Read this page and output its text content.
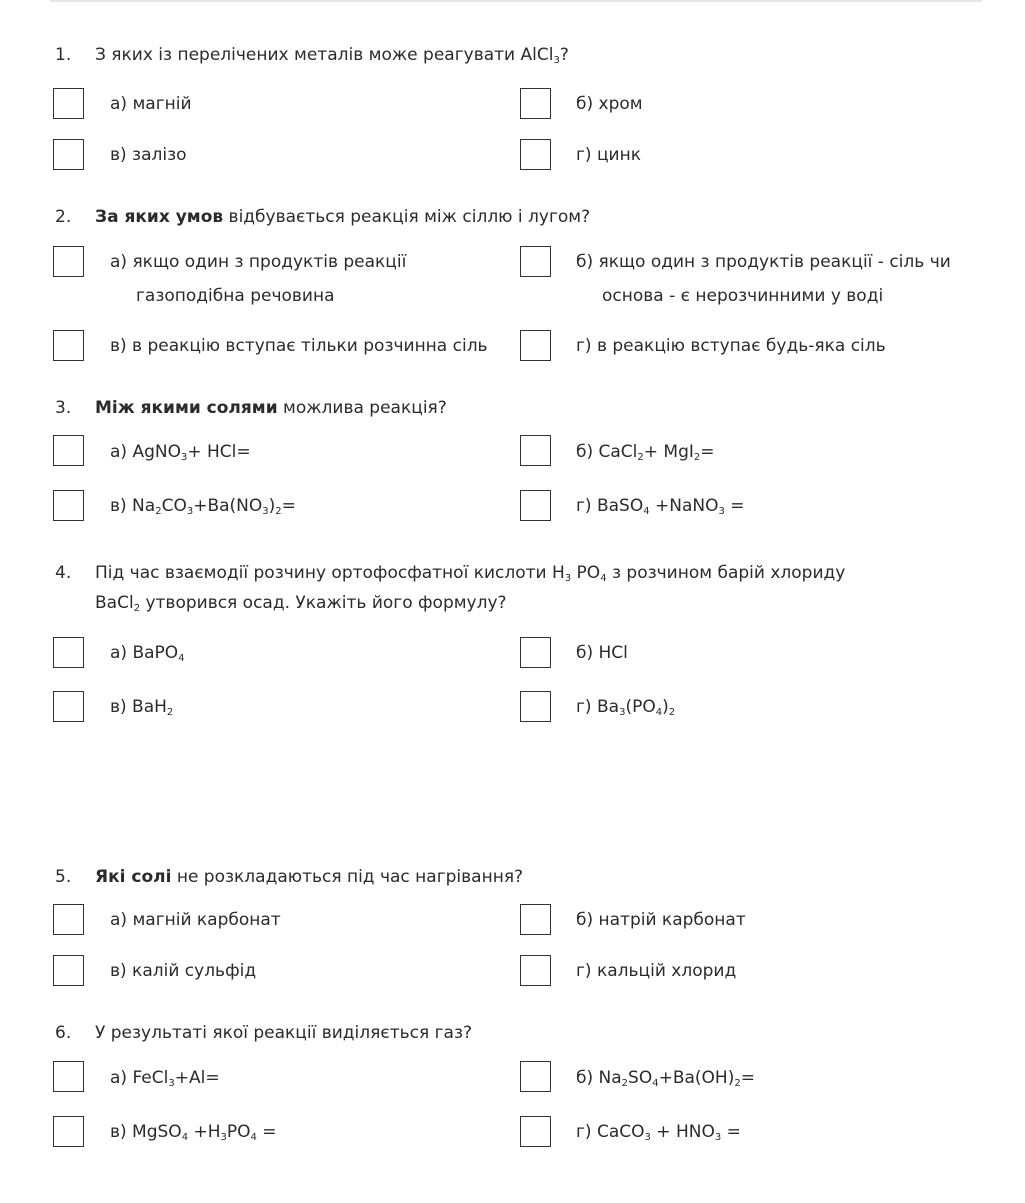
1. З яких із перелічених металів може реагувати AlCl$_3$?
а) магній	б) хром
в) залізо	г) цинк
2. За яких умов відбувається реакція між сіллю і лугом?
а) якщо один з продуктів реакції
газоподібна речовина
б) якщо один з продуктів реакції - сіль чи
основа - є нерозчинними у воді
в) в реакцію вступає тільки розчинна сіль	г) в реакцію вступає будь-яка сіль
3. Між якими солями можлива реакція?
а) AgNO$_3$+ HCl=	б) CaCl$_2$+ MgI$_2$=
в) $Na_2CO_3+Ba(NO_3)_2=$	г) BaSO$_4$ +NaNO$_3$ =
4. Під час взаємодії розчину ортофосфатної кислоти $H_3$ $PO_4$ з розчином барій хлориду
BaCl$_2$ утворився осад. Укажіть його формулу?
а) BaPO$_4$	б) HCl
в) BaH$_2$	г) $Ba_3(PO_4)_2$
5. Які солі не розкладаються під час нагрівання?
а) магній карбонат	б) натрій карбонат
в) калій сульфід	г) кальцій хлорид
6. У результаті якої реакції виділяється газ?
а) FeCl$_3$+Al=	б) $Na_2SO_4+Ba(OH)_2=$
в) MgSO$_4$ $+H_3PO_4$ =	г) CaCO$_3$ + $HNO_3$ =
